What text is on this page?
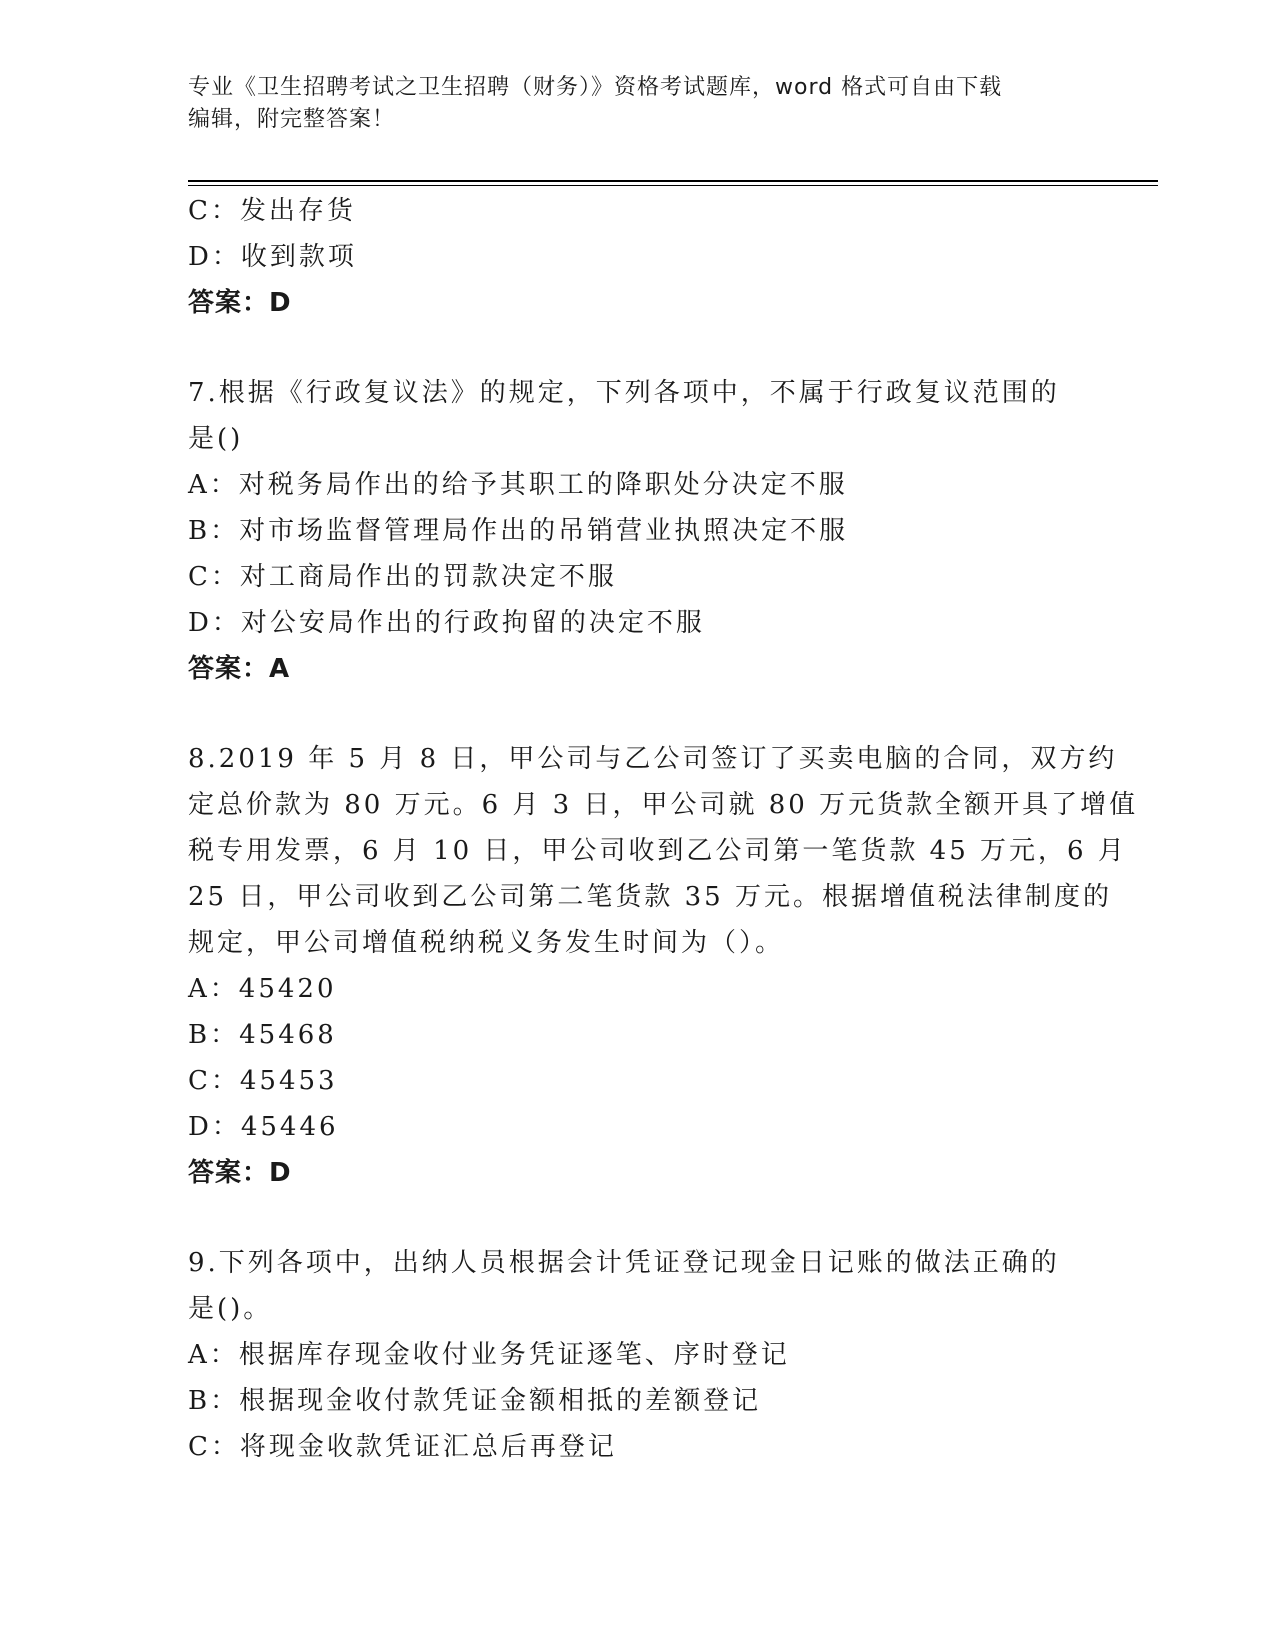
专业《卫生招聘考试之卫生招聘（财务）》资格考试题库，word 格式可自由下载
编辑，附完整答案！
C：发出存货
D：收到款项
答案：D
7.根据《行政复议法》的规定，下列各项中，不属于行政复议范围的
是()
A：对税务局作出的给予其职工的降职处分决定不服
B：对市场监督管理局作出的吊销营业执照决定不服
C：对工商局作出的罚款决定不服
D：对公安局作出的行政拘留的决定不服
答案：A
8.2019 年 5 月 8 日，甲公司与乙公司签订了买卖电脑的合同，双方约
定总价款为 80 万元。6 月 3 日，甲公司就 80 万元货款全额开具了增值
税专用发票，6 月 10 日，甲公司收到乙公司第一笔货款 45 万元，6 月
25 日，甲公司收到乙公司第二笔货款 35 万元。根据增值税法律制度的
规定，甲公司增值税纳税义务发生时间为（）。
A：45420
B：45468
C：45453
D：45446
答案：D
9.下列各项中，出纳人员根据会计凭证登记现金日记账的做法正确的
是()。
A：根据库存现金收付业务凭证逐笔、序时登记
B：根据现金收付款凭证金额相抵的差额登记
C：将现金收款凭证汇总后再登记
